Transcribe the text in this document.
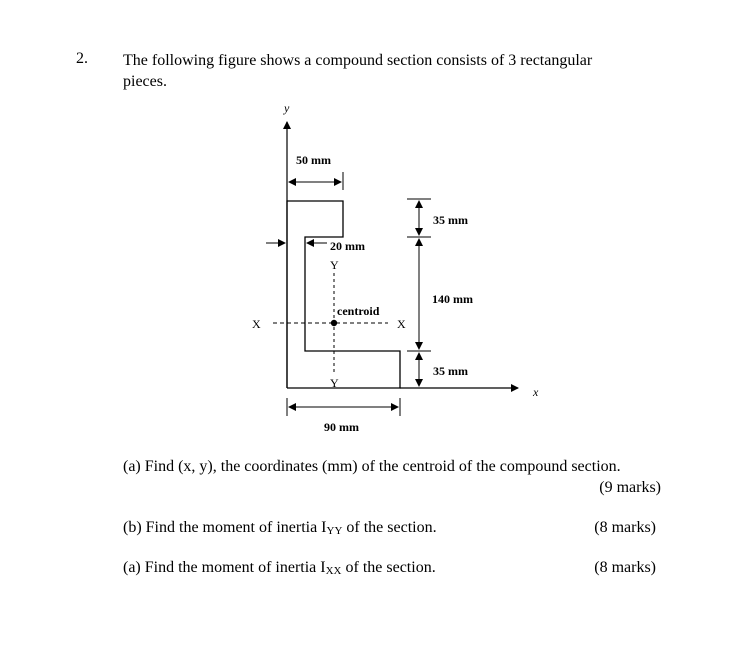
2. The following figure shows a compound section consists of 3 rectangular
pieces.
y
x
50 mm
20 mm
Y
Y
X	X
centroid
35 mm
140 mm
35 mm
90 mm
(a) Find (x, y), the coordinates (mm) of the centroid of the compound section.
(9 marks)
(b) Find the moment of inertia $I_{YY}$ of the section.	(8 marks)
(a) Find the moment of inertia $I_{XX}$ of the section.	(8 marks)
